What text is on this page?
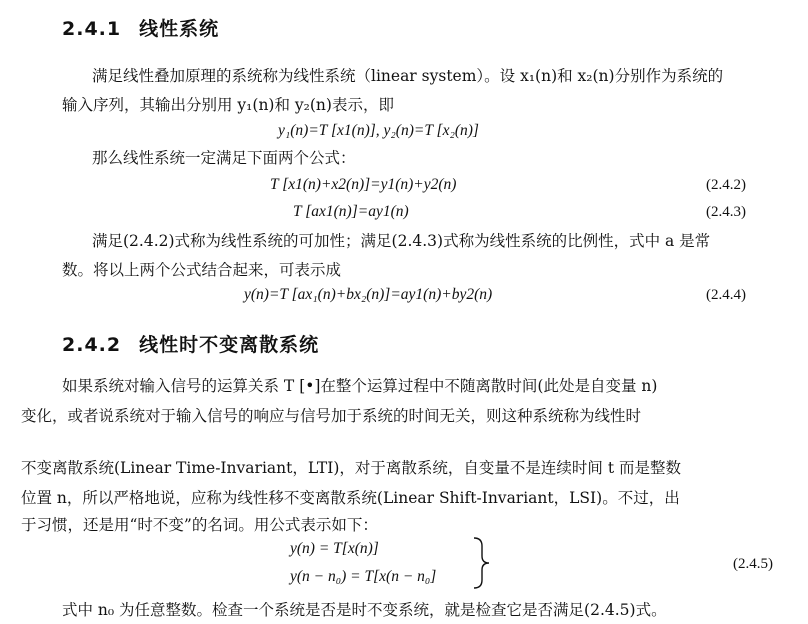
2.4.1 线性系统
满足线性叠加原理的系统称为线性系统（linear system）。设 x₁(n)和 x₂(n)分别作为系统的
输入序列，其输出分别用 y₁(n)和 y₂(n)表示，即
y₁(n)=T [x1(n)], y₂(n)=T [x₂(n)]
那么线性系统一定满足下面两个公式：
T [x1(n)+x2(n)]=y1(n)+y2(n)	(2.4.2)
T [ax1(n)]=ay1(n)	(2.4.3)
满足(2.4.2)式称为线性系统的可加性；满足(2.4.3)式称为线性系统的比例性，式中 a 是常
数。将以上两个公式结合起来，可表示成
y(n)=T [ax₁(n)+bx₂(n)]=ay1(n)+by2(n)	(2.4.4)
2.4.2 线性时不变离散系统
如果系统对输入信号的运算关系 T [•]在整个运算过程中不随离散时间(此处是自变量 n)
变化，或者说系统对于输入信号的响应与信号加于系统的时间无关，则这种系统称为线性时
不变离散系统(Linear Time-Invariant，LTI)，对于离散系统，自变量不是连续时间 t 而是整数
位置 n，所以严格地说，应称为线性移不变离散系统(Linear Shift-Invariant，LSI)。不过，出
于习惯，还是用“时不变”的名词。用公式表示如下：
y(n) = T[x(n)]
y(n − n₀) = T[x(n − n₀]
(2.4.5)
式中 n₀ 为任意整数。检查一个系统是否是时不变系统，就是检查它是否满足(2.4.5)式。
